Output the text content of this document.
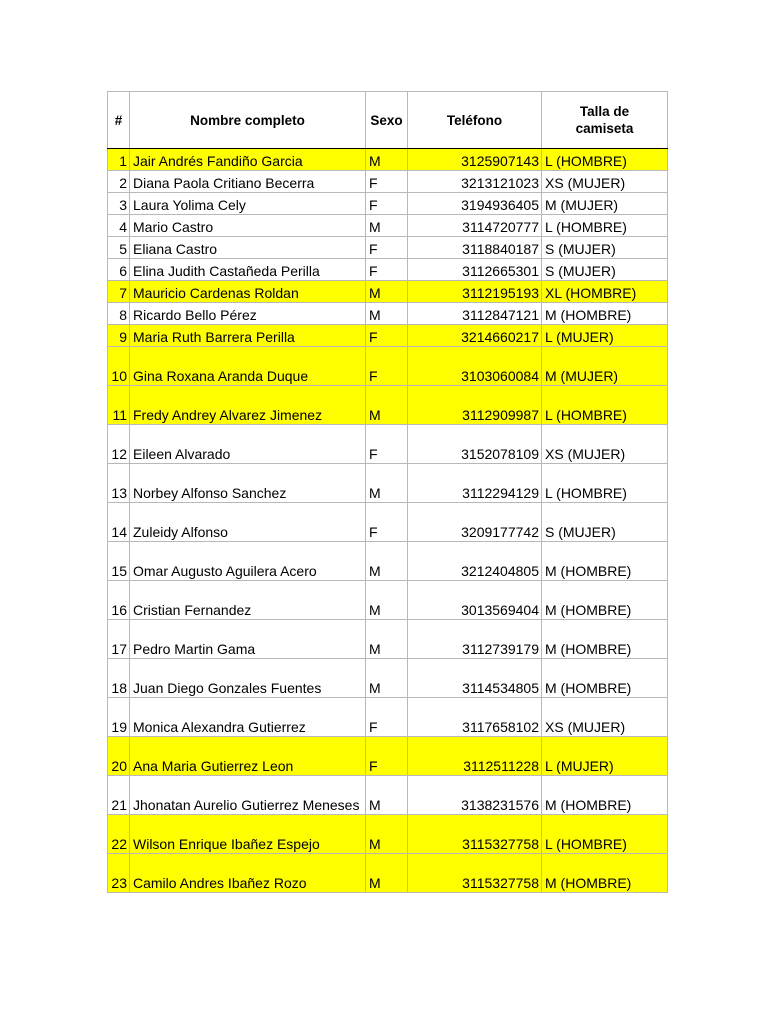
#	Nombre completo	Sexo	Teléfono	Talla de
camiseta
1	Jair Andrés Fandiño Garcia	M	3125907143	L (HOMBRE)
2	Diana Paola Critiano Becerra	F	3213121023	XS (MUJER)
3	Laura Yolima Cely	F	3194936405	M (MUJER)
4	Mario Castro	M	3114720777	L (HOMBRE)
5	Eliana Castro	F	3118840187	S (MUJER)
6	Elina Judith Castañeda Perilla	F	3112665301	S (MUJER)
7	Mauricio Cardenas Roldan	M	3112195193	XL (HOMBRE)
8	Ricardo Bello Pérez	M	3112847121	M (HOMBRE)
9	Maria Ruth Barrera Perilla	F	3214660217	L (MUJER)
10	Gina Roxana Aranda Duque	F	3103060084	M (MUJER)
11	Fredy Andrey Alvarez Jimenez	M	3112909987	L (HOMBRE)
12	Eileen Alvarado	F	3152078109	XS (MUJER)
13	Norbey Alfonso Sanchez	M	3112294129	L (HOMBRE)
14	Zuleidy Alfonso	F	3209177742	S (MUJER)
15	Omar Augusto Aguilera Acero	M	3212404805	M (HOMBRE)
16	Cristian Fernandez	M	3013569404	M (HOMBRE)
17	Pedro Martin Gama	M	3112739179	M (HOMBRE)
18	Juan Diego Gonzales Fuentes	M	3114534805	M (HOMBRE)
19	Monica Alexandra Gutierrez	F	3117658102	XS (MUJER)
20	Ana Maria Gutierrez Leon	F	3112511228	L (MUJER)
21	Jhonatan Aurelio Gutierrez Meneses	M	3138231576	M (HOMBRE)
22	Wilson Enrique Ibañez Espejo	M	3115327758	L (HOMBRE)
23	Camilo Andres Ibañez Rozo	M	3115327758	M (HOMBRE)
